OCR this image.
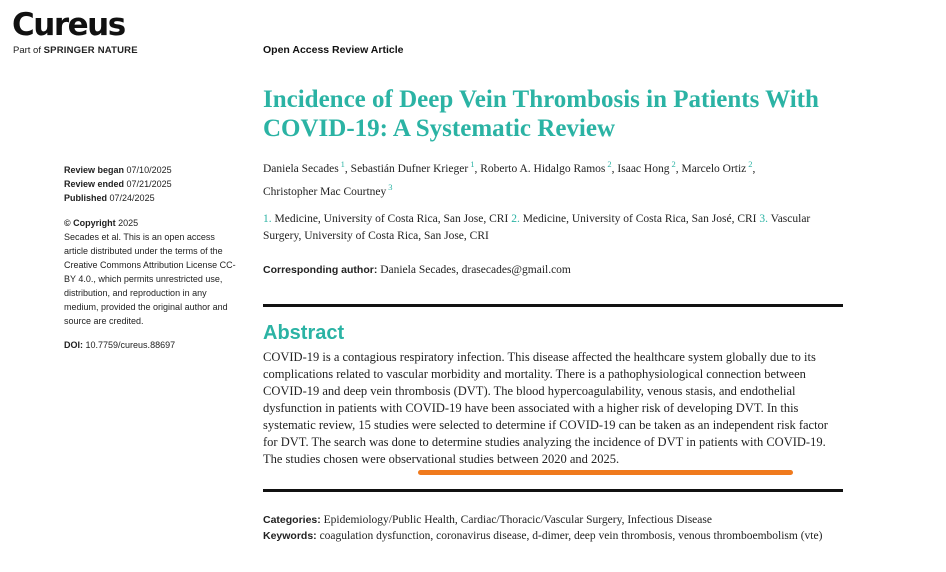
Cureus
Part of SPRINGER NATURE	Open Access Review Article
Incidence of Deep Vein Thrombosis in Patients With COVID-19: A Systematic Review
Daniela Secades $^1$, Sebastián Dufner Krieger $^1$, Roberto A. Hidalgo Ramos $^2$, Isaac Hong $^2$, Marcelo Ortiz $^2$,
Christopher Mac Courtney $^3$
1. Medicine, University of Costa Rica, San Jose, CRI 2. Medicine, University of Costa Rica, San José, CRI 3. Vascular Surgery, University of Costa Rica, San Jose, CRI
Corresponding author: Daniela Secades, drasecades@gmail.com
Abstract
COVID-19 is a contagious respiratory infection. This disease affected the healthcare system globally due to its complications related to vascular morbidity and mortality. There is a pathophysiological connection between COVID-19 and deep vein thrombosis (DVT). The blood hypercoagulability, venous stasis, and endothelial dysfunction in patients with COVID-19 have been associated with a higher risk of developing DVT. In this systematic review, 15 studies were selected to determine if COVID-19 can be taken as an independent risk factor for DVT. The search was done to determine studies analyzing the incidence of DVT in patients with COVID-19. The studies chosen were observational studies between 2020 and 2025.
Categories: Epidemiology/Public Health, Cardiac/Thoracic/Vascular Surgery, Infectious Disease
Keywords: coagulation dysfunction, coronavirus disease, d-dimer, deep vein thrombosis, venous thromboembolism (vte)
Review began 07/10/2025
Review ended 07/21/2025
Published 07/24/2025
© Copyright 2025
Secades et al. This is an open access article distributed under the terms of the Creative Commons Attribution License CC-BY 4.0., which permits unrestricted use, distribution, and reproduction in any medium, provided the original author and source are credited.
DOI: 10.7759/cureus.88697
